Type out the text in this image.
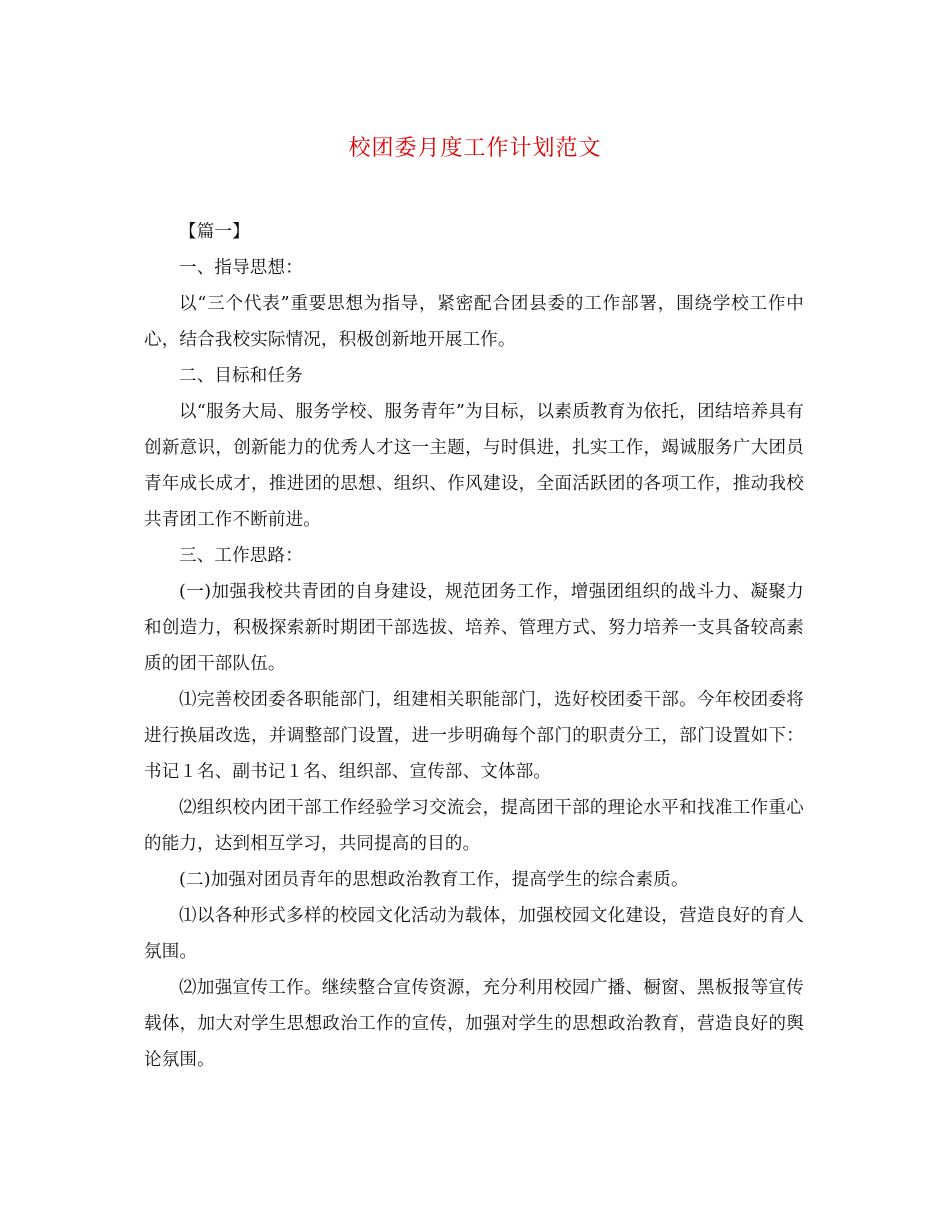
校团委月度工作计划范文

【篇一】

一、指导思想：

以“三个代表”重要思想为指导，紧密配合团县委的工作部署，围绕学校工作中心，结合我校实际情况，积极创新地开展工作。

二、目标和任务

以“服务大局、服务学校、服务青年”为目标，以素质教育为依托，团结培养具有创新意识，创新能力的优秀人才这一主题，与时俱进，扎实工作，竭诚服务广大团员青年成长成才，推进团的思想、组织、作风建设，全面活跃团的各项工作，推动我校共青团工作不断前进。

三、工作思路：

(一)加强我校共青团的自身建设，规范团务工作，增强团组织的战斗力、凝聚力和创造力，积极探索新时期团干部选拔、培养、管理方式、努力培养一支具备较高素质的团干部队伍。

⑴完善校团委各职能部门，组建相关职能部门，选好校团委干部。今年校团委将进行换届改选，并调整部门设置，进一步明确每个部门的职责分工，部门设置如下：书记１名、副书记１名、组织部、宣传部、文体部。

⑵组织校内团干部工作经验学习交流会，提高团干部的理论水平和找准工作重心的能力，达到相互学习，共同提高的目的。

(二)加强对团员青年的思想政治教育工作，提高学生的综合素质。

⑴以各种形式多样的校园文化活动为载体，加强校园文化建设，营造良好的育人氛围。

⑵加强宣传工作。继续整合宣传资源，充分利用校园广播、橱窗、黑板报等宣传载体，加大对学生思想政治工作的宣传，加强对学生的思想政治教育，营造良好的舆论氛围。
